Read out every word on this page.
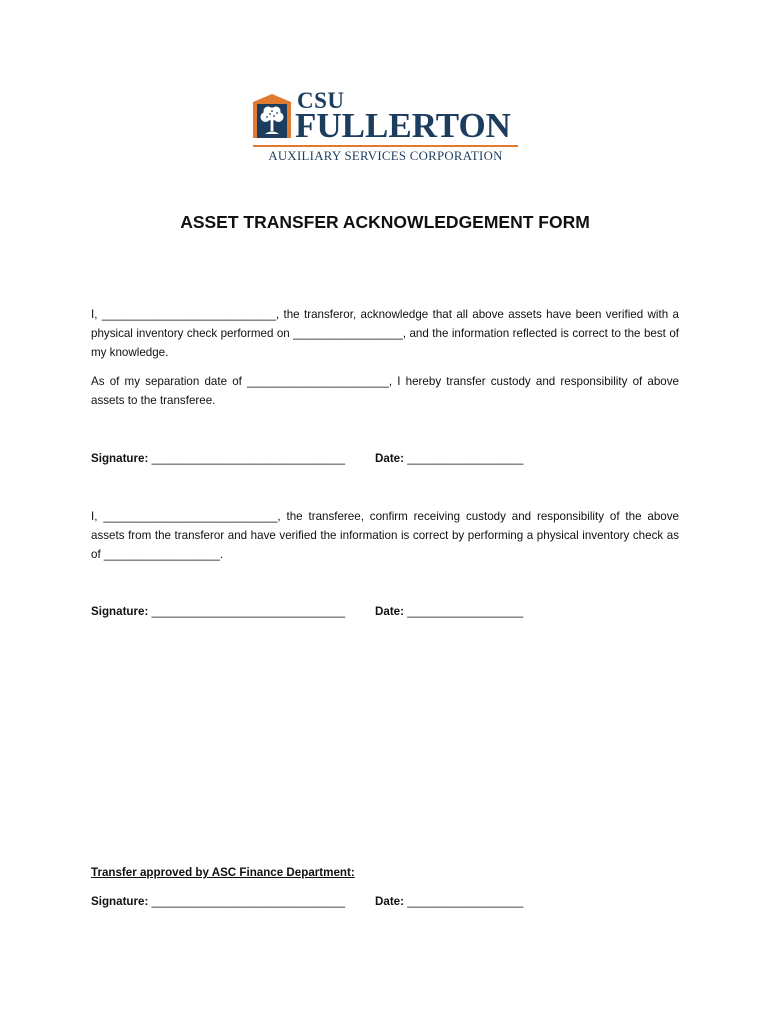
CSU
FULLERTON
AUXILIARY SERVICES CORPORATION
ASSET TRANSFER ACKNOWLEDGEMENT FORM

I, ___________________________, the transferor, acknowledge that all above assets have been verified with a physical inventory check performed on _________________, and the information reflected is correct to the best of my knowledge.

As of my separation date of ______________________, I hereby transfer custody and responsibility of above assets to the transferee.

Signature: ______________________________	Date: __________________

I, ___________________________, the transferee, confirm receiving custody and responsibility of the above assets from the transferor and have verified the information is correct by performing a physical inventory check as of __________________.

Signature: ______________________________	Date: __________________
Transfer approved by ASC Finance Department:
Signature: ______________________________	Date: __________________
